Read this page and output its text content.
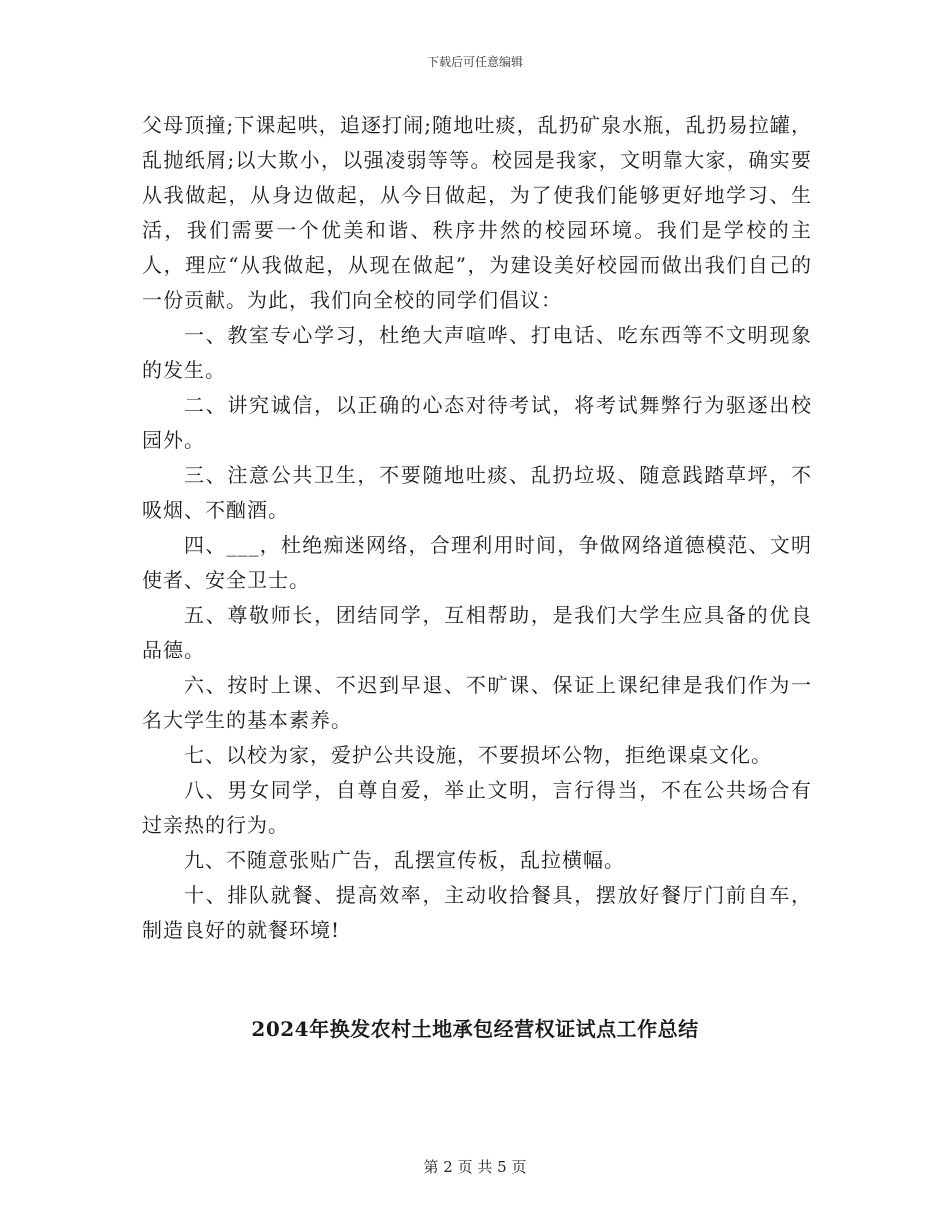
下载后可任意编辑

父母顶撞;下课起哄，追逐打闹;随地吐痰，乱扔矿泉水瓶，乱扔易拉罐，乱抛纸屑;以大欺小，以强凌弱等等。校园是我家，文明靠大家，确实要从我做起，从身边做起，从今日做起，为了使我们能够更好地学习、生活，我们需要一个优美和谐、秩序井然的校园环境。我们是学校的主人，理应“从我做起，从现在做起”，为建设美好校园而做出我们自己的一份贡献。为此，我们向全校的同学们倡议：

一、教室专心学习，杜绝大声喧哗、打电话、吃东西等不文明现象的发生。

二、讲究诚信，以正确的心态对待考试，将考试舞弊行为驱逐出校园外。

三、注意公共卫生，不要随地吐痰、乱扔垃圾、随意践踏草坪，不吸烟、不酗酒。

四、___，杜绝痴迷网络，合理利用时间，争做网络道德模范、文明使者、安全卫士。

五、尊敬师长，团结同学，互相帮助，是我们大学生应具备的优良品德。

六、按时上课、不迟到早退、不旷课、保证上课纪律是我们作为一名大学生的基本素养。

七、以校为家，爱护公共设施，不要损坏公物，拒绝课桌文化。

八、男女同学，自尊自爱，举止文明，言行得当，不在公共场合有过亲热的行为。

九、不随意张贴广告，乱摆宣传板，乱拉横幅。

十、排队就餐、提高效率，主动收拾餐具，摆放好餐厅门前自车，制造良好的就餐环境!

2024年换发农村土地承包经营权证试点工作总结
第 2 页 共 5 页
